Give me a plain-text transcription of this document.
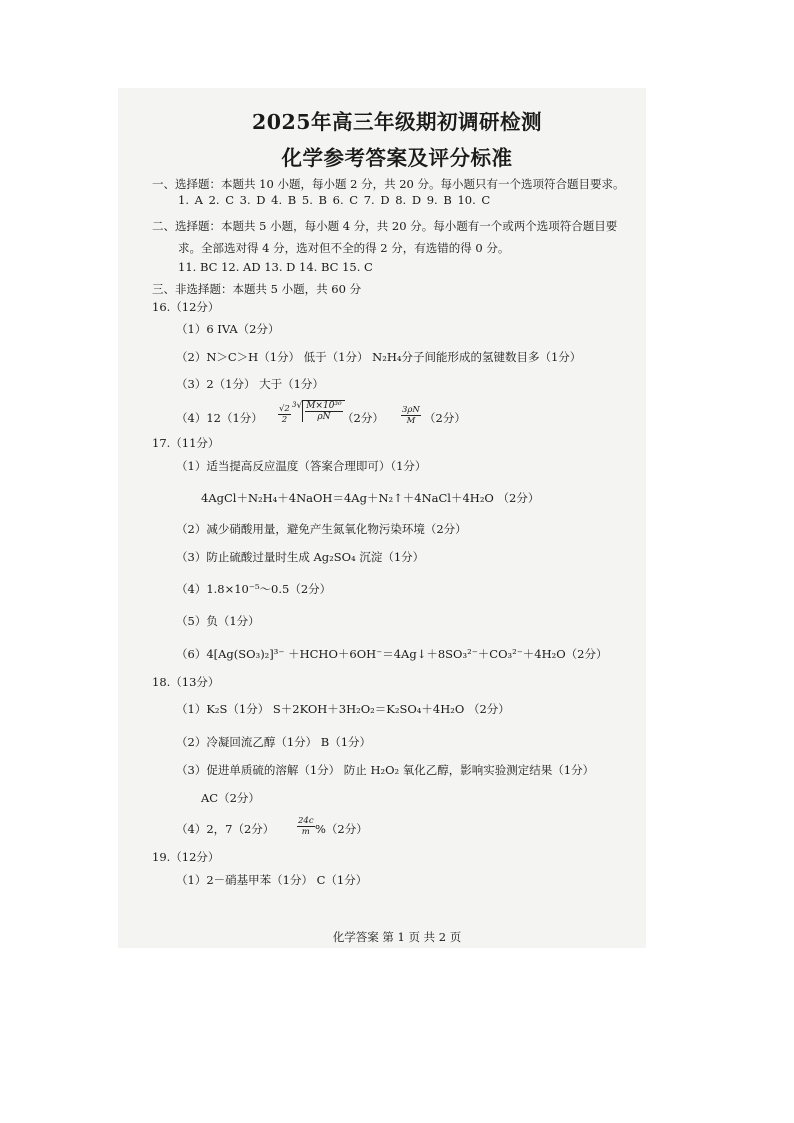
2025年高三年级期初调研检测
化学参考答案及评分标准
一、选择题：本题共 10 小题，每小题 2 分，共 20 分。每小题只有一个选项符合题目要求。
1. A 2. C 3. D 4. B 5. B 6. C 7. D 8. D 9. B 10. C
二、选择题：本题共 5 小题，每小题 4 分，共 20 分。每小题有一个或两个选项符合题目要
求。全部选对得 4 分，选对但不全的得 2 分，有选错的得 0 分。
11. BC 12. AD 13. D 14. BC 15. C
三、非选择题：本题共 5 小题，共 60 分
16.（12分）
（1）6 IVA（2分）
（2）N＞C＞H（1分） 低于（1分） N₂H₄分子间能形成的氢键数目多（1分）
（3）2（1分） 大于（1分）
（4）12（1分） $\frac{√2}{2} ^3√ \frac{\text{M×10³⁰}}{\rho N}$
（2分） $\frac{3\rho N}{M} (2$分）
17.（11分）
（1）适当提高反应温度（答案合理即可）（1分）
4AgCl＋N₂H₄＋4NaOH＝4Ag＋N₂↑＋4NaCl＋4H₂O （2分）
（2）减少硝酸用量，避免产生氮氧化物污染环境（2分）
（3）防止硫酸过量时生成 Ag₂SO₄ 沉淀（1分）
（4）1.8×10⁻⁵～0.5（2分）
（5）负（1分）
（6）4[Ag(SO₃)₂]³⁻ ＋HCHO＋6OH⁻＝4Ag↓＋8SO₃²⁻＋CO₃²⁻＋4H₂O（2分）
18.（13分）
（1）K₂S（1分） S＋2KOH＋3H₂O₂＝K₂SO₄＋4H₂O （2分）
（2）冷凝回流乙醇（1分） B（1分）
（3）促进单质硫的溶解（1分） 防止 H₂O₂ 氧化乙醇，影响实验测定结果（1分）
AC（2分）
（4）2，7（2分）	$\frac{24c}{m} \%(2$分）
19.（12分）
（1）2－硝基甲苯（1分） C（1分）
化学答案 第 1 页 共 2 页
